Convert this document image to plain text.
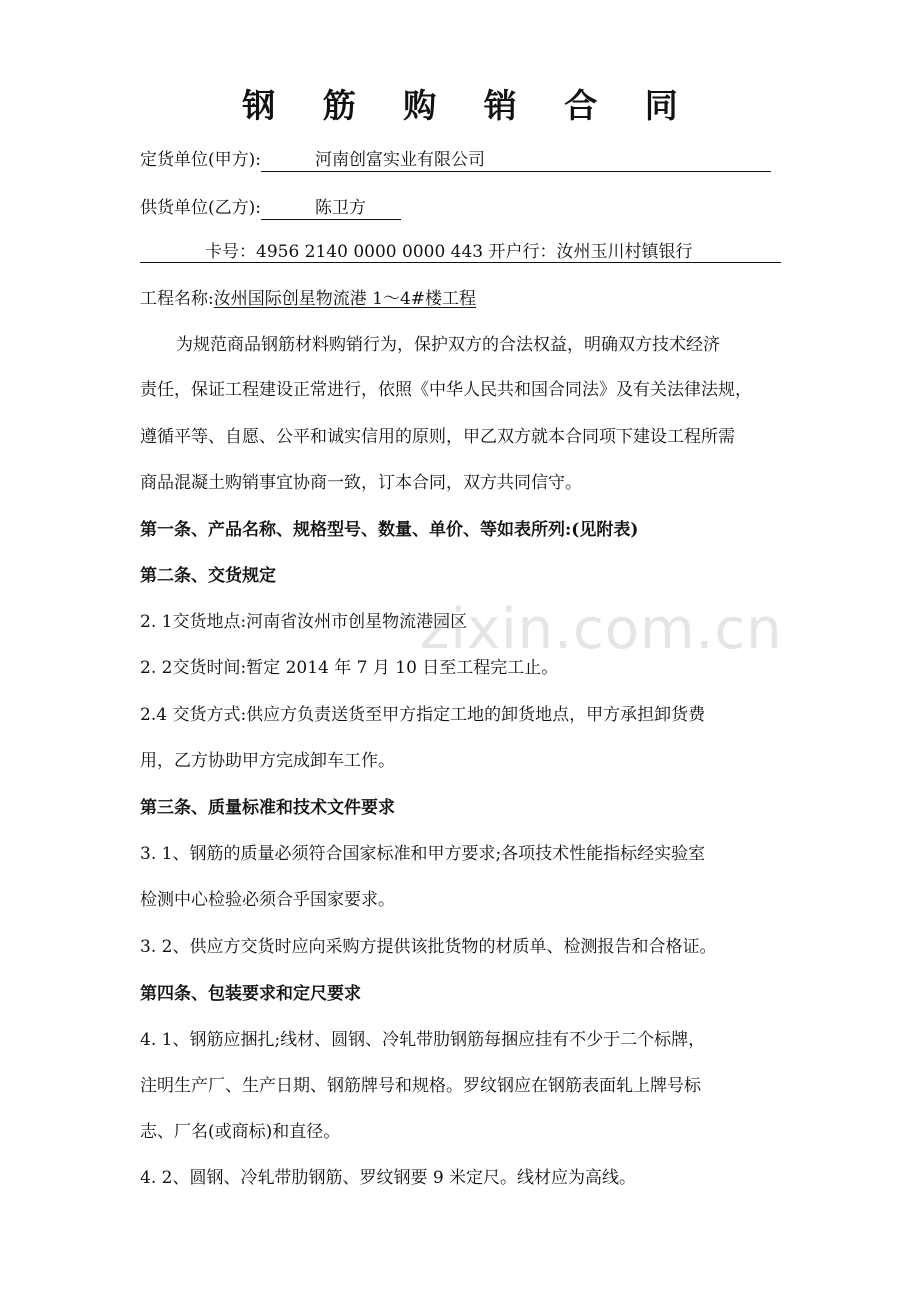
钢 筋 购 销 合 同
定货单位(甲方):	河南创富实业有限公司
供货单位(乙方):	陈卫方
卡号：4956 2140 0000 0000 443 开户行：汝州玉川村镇银行
工程名称:汝州国际创星物流港 1～4#楼工程
为规范商品钢筋材料购销行为，保护双方的合法权益，明确双方技术经济
责任，保证工程建设正常进行，依照《中华人民共和国合同法》及有关法律法规，
遵循平等、自愿、公平和诚实信用的原则，甲乙双方就本合同项下建设工程所需
商品混凝土购销事宜协商一致，订本合同，双方共同信守。
第一条、产品名称、规格型号、数量、单价、等如表所列:(见附表)
第二条、交货规定
2. 1交货地点:河南省汝州市创星物流港园区
2. 2交货时间:暂定 2014 年 7 月 10 日至工程完工止。
2.4 交货方式:供应方负责送货至甲方指定工地的卸货地点，甲方承担卸货费
用，乙方协助甲方完成卸车工作。
第三条、质量标准和技术文件要求
3. 1、钢筋的质量必须符合国家标准和甲方要求;各项技术性能指标经实验室
检测中心检验必须合乎国家要求。
3. 2、供应方交货时应向采购方提供该批货物的材质单、检测报告和合格证。
第四条、包装要求和定尺要求
4. 1、钢筋应捆扎;线材、圆钢、冷轧带肋钢筋每捆应挂有不少于二个标牌，
注明生产厂、生产日期、钢筋牌号和规格。罗纹钢应在钢筋表面轧上牌号标
志、厂名(或商标)和直径。
4. 2、圆钢、冷轧带肋钢筋、罗纹钢要 9 米定尺。线材应为高线。
zixin.com.cn
